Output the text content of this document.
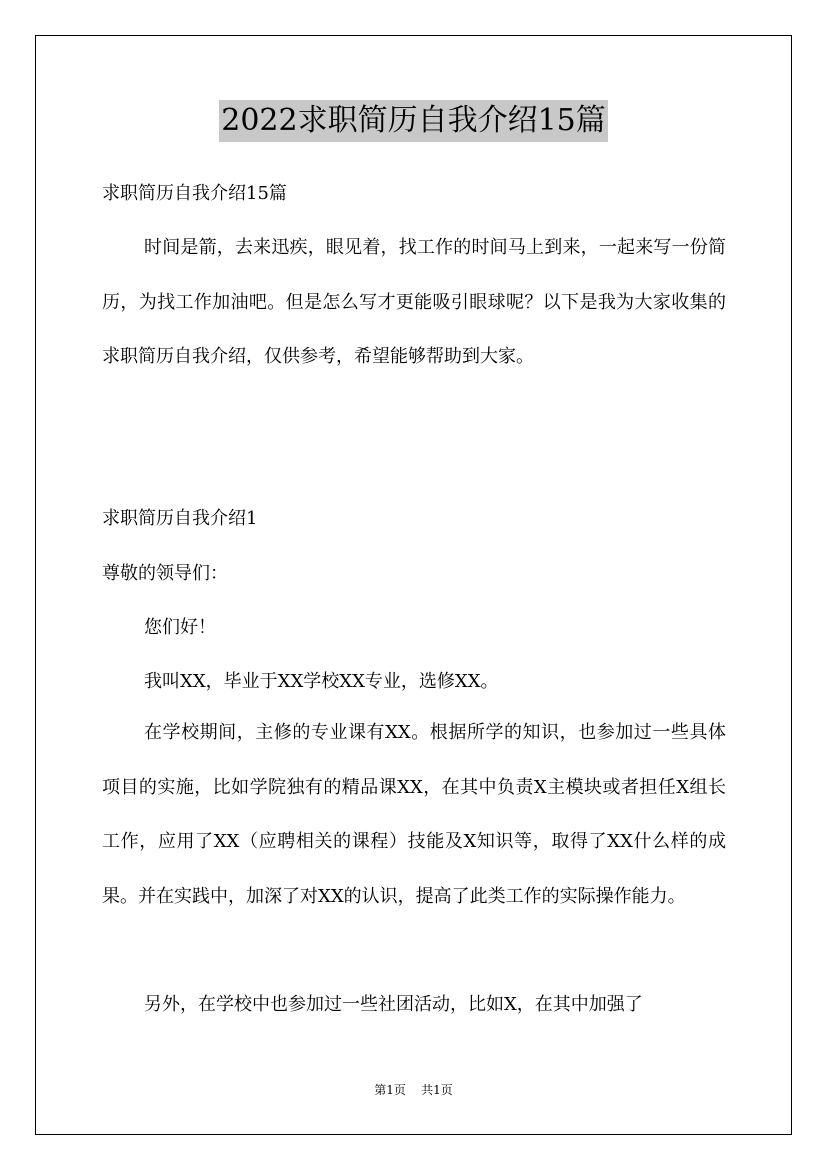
2022求职简历自我介绍15篇
求职简历自我介绍15篇
时间是箭，去来迅疾，眼见着，找工作的时间马上到来，一起来写一份简历，为找工作加油吧。但是怎么写才更能吸引眼球呢？以下是我为大家收集的求职简历自我介绍，仅供参考，希望能够帮助到大家。
求职简历自我介绍1
尊敬的领导们：
您们好！
我叫XX，毕业于XX学校XX专业，选修XX。
在学校期间，主修的专业课有XX。根据所学的知识，也参加过一些具体项目的实施，比如学院独有的精品课XX，在其中负责X主模块或者担任X组长工作，应用了XX（应聘相关的课程）技能及X知识等，取得了XX什么样的成果。并在实践中，加深了对XX的认识，提高了此类工作的实际操作能力。
另外，在学校中也参加过一些社团活动，比如X，在其中加强了
第1页 共1页
